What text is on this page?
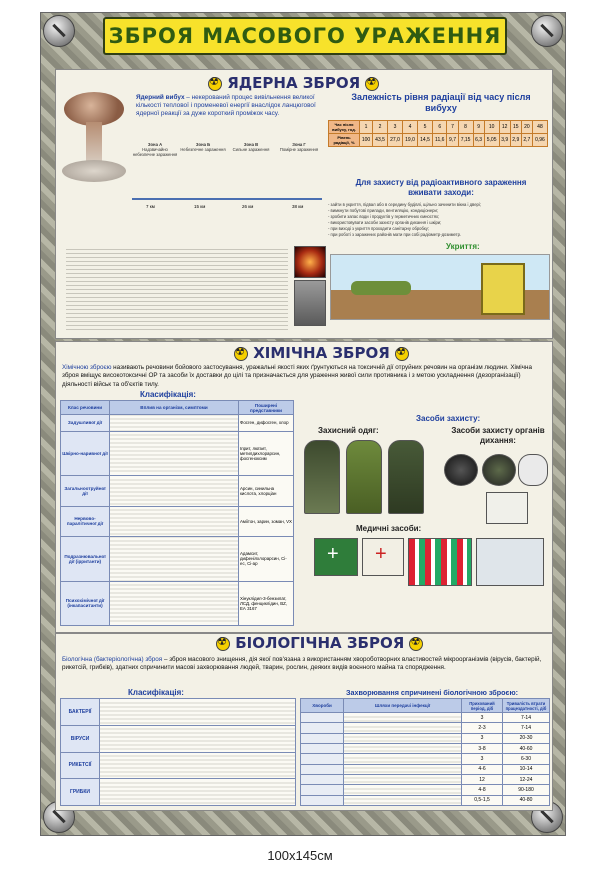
ЗБРОЯ МАСОВОГО УРАЖЕННЯ
☢ ЯДЕРНА ЗБРОЯ ☢
Ядерний вибух – некерований процес вивільнення великої кількості теплової і променевої енергії внаслідок ланцюгової ядерної реакції за дуже короткий проміжок часу.
Зона А
Надзвичайно небезпечне зараження
Зона Б
Небезпечне зараження
Зона В
Сильне зараження
Зона Г
Помірне зараження
7 км	15 км	26 км	38 км
Залежність рівня радіації від часу після вибуху
Час після вибуху, год.	1	2	3	4	5	6	7	8	9	10	12	15	20	48
Рівень радіації, %	100	43,5	27,0	19,0	14,5	11,6	9,7	7,15	6,3	5,05	3,9	2,9	2,7	0,96
Для захисту від радіоактивного зараження вживати заходи:
- зайти в укриття, підвал або в середину будівлі, щільно зачинити вікна і двері;
- вимкнути побутові прилади, вентиляцію, кондиціонери;
- зробити запас води і продуктів у герметичних ємностях;
- використовувати засоби захисту органів дихання і шкіри;
- при виході з укриття проходити санітарну обробку;
- при роботі з заражених районів мати при собі радіометр-дозиметр.
Укриття:
☢ ХІМІЧНА ЗБРОЯ ☢
Хімічною зброєю називають речовини бойового застосування, уражальні якості яких ґрунтуються на токсичній дії отруйних речовин на організм людини. Хімічна зброя вміщує високотоксичні ОР та засоби їх доставки до цілі та призначається для ураження живої сили противника і з метою ускладнення (дезорганізації) діяльності військ та об'єктів тилу.
Класифікація:
Клас речовини	Вплив на організм, симптоми	Поширені представники
Задушливої дії		Фосген, дифосген, хлор
Шкірно-наривної дії		Іприт, люїзит, метилдихлорарсин, фосгеноксим
Загальноотруйної дії		Арсин, синильна кислота, хлорціан
Нервово-паралітичної дії		Аміітон, зарин, зоман, VX
Подразнювальної дії (ірританти)		Адамсит, дифенілхлорарсин, Сі-ес, Сі-ар
Психохімічної дії (інкапаситанти)		Хінуклідил-3-бензилат, ЛСД, фенциклідин, ВZ, ЕА 3167
Засоби захисту:
Захисний одяг:	Засоби захисту органів дихання:
Медичні засоби:
+ +
☢ БІОЛОГІЧНА ЗБРОЯ ☢
Біологічна (бактеріологічна) зброя – зброя масового знищення, дія якої пов'язана з використанням хвороботворних властивостей мікроорганізмів (вірусів, бактерій, рикетсій, грибків), здатних спричинити масові захворювання людей, тварин, рослин, деяких видів воєнного майна та спорядження.
Класифікація:
БАКТЕРІЇ	
ВІРУСИ	
РИКЕТСІЇ	
ГРИБКИ	
Захворювання спричинені біологічною зброєю:
Хвороби	Шляхи передачі інфекції	Прихований період, діб	Тривалість втрати працездатності, діб
		3	7-14
		2-3	7-14
		3	20-30
		3-8	40-60
		3	6-30
		4-6	10-14
		12	12-24
		4-8	90-180
		0,5-1,5	40-80
100х145см
